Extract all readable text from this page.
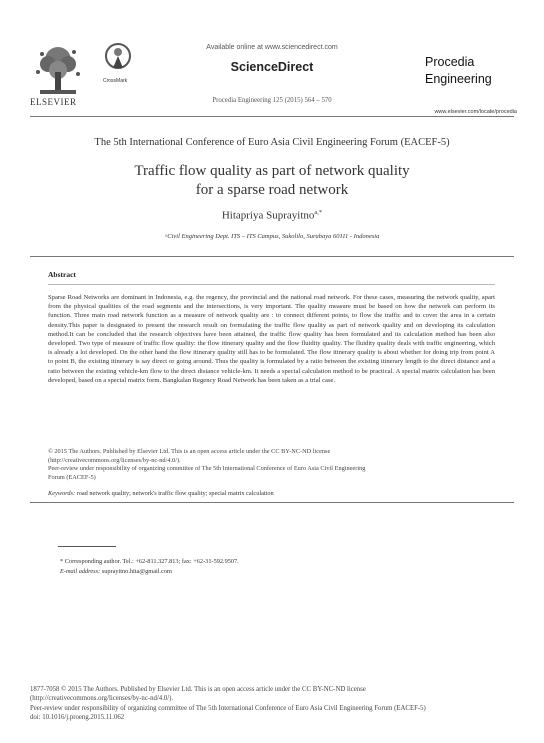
ELSEVIER
CrossMark
Available online at www.sciencedirect.com
ScienceDirect
Procedia Engineering 125 (2015) 564 – 570
Procedia
Engineering
www.elsevier.com/locate/procedia
The 5th International Conference of Euro Asia Civil Engineering Forum (EACEF-5)
Traffic flow quality as part of network quality
for a sparse road network
Hitapriya Suprayitno$^{a,*}$
ᵃCivil Engineering Dept. ITS – ITS Campus, Sukolilo, Surabaya 60111 - Indonesia
Abstract
Sparse Road Networks are dominant in Indonesia, e.g. the regency, the provincial and the national road network. For these cases, measuring the network quality, apart from the physical qualities of the road segments and the intersections, is very important. The quality measure must be based on how the network can perform its function. Three main road network function as a measure of network quality are : to connect different points, to flow the traffic and to cover the area in a certain density.This paper is designated to present the research result on formulating the traffic flow quality as part of network quality and on developing its calculation method.It can be concluded that the research objectives have been attained, the traffic flow quality has been formulated and its calculation method has been also developed. Two type of measure of traffic flow quality: the flow itinerary quality and the flow fluidity quality. The fluidity quality deals with traffic engineering, which is already a lot developed. On the other hand the flow itinerary quality still has to be formulated. The flow itinerary quality is about whether for doing trip from point A to point B, the existing itinerary is say direct or going around. Thus the quality is formulated by a ratio between the existing itinerary length to the direct distance and a ratio between the existing vehicle-km flow to the direct distance vehicle-km. It needs a special calculation method to be practical. A special matrix calculation has been developed, based on a special matrix form. Bangkalan Regency Road Network has been taken as a trial case.
© 2015 The Authors. Published by Elsevier Ltd. This is an open access article under the CC BY-NC-ND license
(http://creativecommons.org/licenses/by-nc-nd/4.0/).
Peer-review under responsibility of organizing committee of The 5th International Conference of Euro Asia Civil Engineering
Forum (EACEF-5)
Keywords: road network quality; network's traffic flow quality; special matrix calculation
* Corresponding author. Tel.: +62-811.327.813; fax: +62-31-592.9507.
E-mail address: suprayitno.hita@gmail.com
1877-7058 © 2015 The Authors. Published by Elsevier Ltd. This is an open access article under the CC BY-NC-ND license
(http://creativecommons.org/licenses/by-nc-nd/4.0/).
Peer-review under responsibility of organizing committee of The 5th International Conference of Euro Asia Civil Engineering Forum (EACEF-5)
doi: 10.1016/j.proeng.2015.11.062
